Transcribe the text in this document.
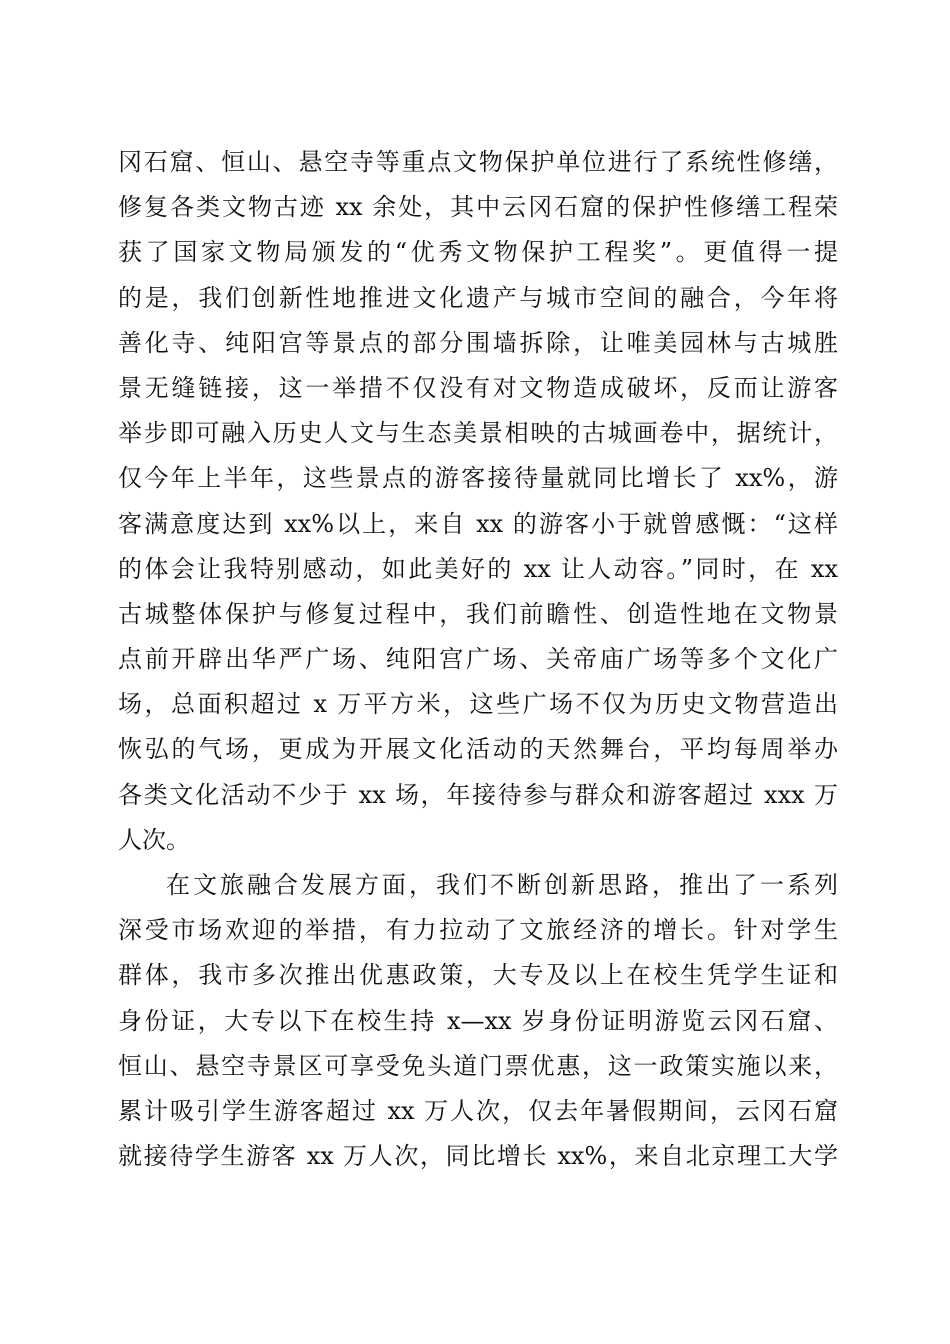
冈石窟、恒山、悬空寺等重点文物保护单位进行了系统性修缮，
修复各类文物古迹 xx 余处，其中云冈石窟的保护性修缮工程荣
获了国家文物局颁发的“优秀文物保护工程奖”。更值得一提
的是，我们创新性地推进文化遗产与城市空间的融合，今年将
善化寺、纯阳宫等景点的部分围墙拆除，让唯美园林与古城胜
景无缝链接，这一举措不仅没有对文物造成破坏，反而让游客
举步即可融入历史人文与生态美景相映的古城画卷中，据统计，
仅今年上半年，这些景点的游客接待量就同比增长了 xx%，游
客满意度达到 xx%以上，来自 xx 的游客小于就曾感慨：“这样
的体会让我特别感动，如此美好的 xx 让人动容。”同时，在 xx
古城整体保护与修复过程中，我们前瞻性、创造性地在文物景
点前开辟出华严广场、纯阳宫广场、关帝庙广场等多个文化广
场，总面积超过 x 万平方米，这些广场不仅为历史文物营造出
恢弘的气场，更成为开展文化活动的天然舞台，平均每周举办
各类文化活动不少于 xx 场，年接待参与群众和游客超过 xxx 万
人次。
在文旅融合发展方面，我们不断创新思路，推出了一系列
深受市场欢迎的举措，有力拉动了文旅经济的增长。针对学生
群体，我市多次推出优惠政策，大专及以上在校生凭学生证和
身份证，大专以下在校生持 x—xx 岁身份证明游览云冈石窟、
恒山、悬空寺景区可享受免头道门票优惠，这一政策实施以来，
累计吸引学生游客超过 xx 万人次，仅去年暑假期间，云冈石窟
就接待学生游客 xx 万人次，同比增长 xx%，来自北京理工大学
